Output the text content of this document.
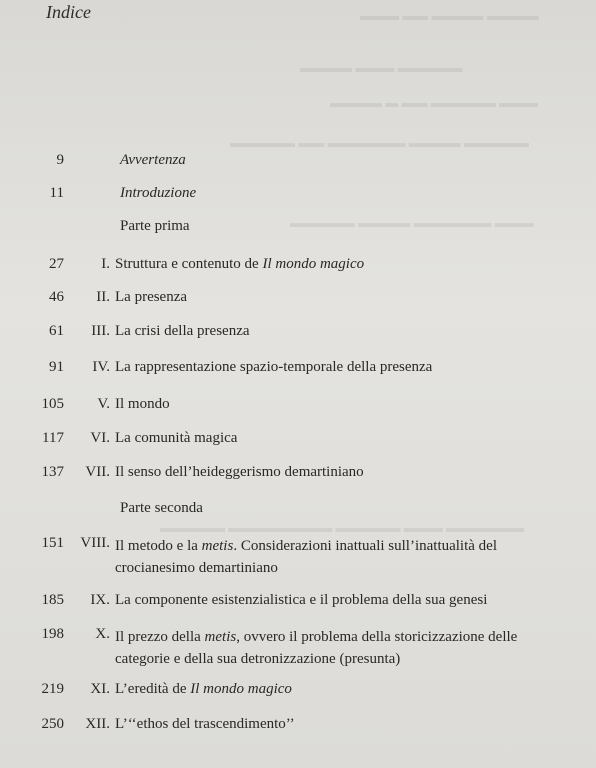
▬▬▬ ▬▬ ▬▬▬▬ ▬▬▬▬
▬▬▬▬ ▬▬▬ ▬▬▬▬▬
▬▬▬▬ ▬ ▬▬ ▬▬▬▬▬ ▬▬▬
▬▬▬▬▬ ▬▬ ▬▬▬▬▬▬ ▬▬▬▬ ▬▬▬▬▬
▬▬▬▬▬ ▬▬▬▬ ▬▬▬▬▬▬ ▬▬▬
▬▬▬▬▬ ▬▬▬▬▬▬▬▬ ▬▬▬▬▬ ▬▬▬ ▬▬▬▬▬▬
Indice
9	Avvertenza
11	Introduzione
Parte prima
27	I. Struttura e contenuto de Il mondo magico
46	II. La presenza
61	III. La crisi della presenza
91	IV. La rappresentazione spazio-temporale della presenza
105	V. Il mondo
117	VI. La comunità magica
137	VII. Il senso dell’heideggerismo demartiniano
Parte seconda
151	VIII. Il metodo e la metis. Considerazioni inattuali sull’inattualità del crocianesimo demartiniano
185	IX. La componente esistenzialistica e il problema della sua genesi
198	X. Il prezzo della metis, ovvero il problema della storicizzazione delle categorie e della sua detronizzazione (presunta)
219	XI. L’eredità de Il mondo magico
250	XII. L’‘‘ethos del trascendimento’’
